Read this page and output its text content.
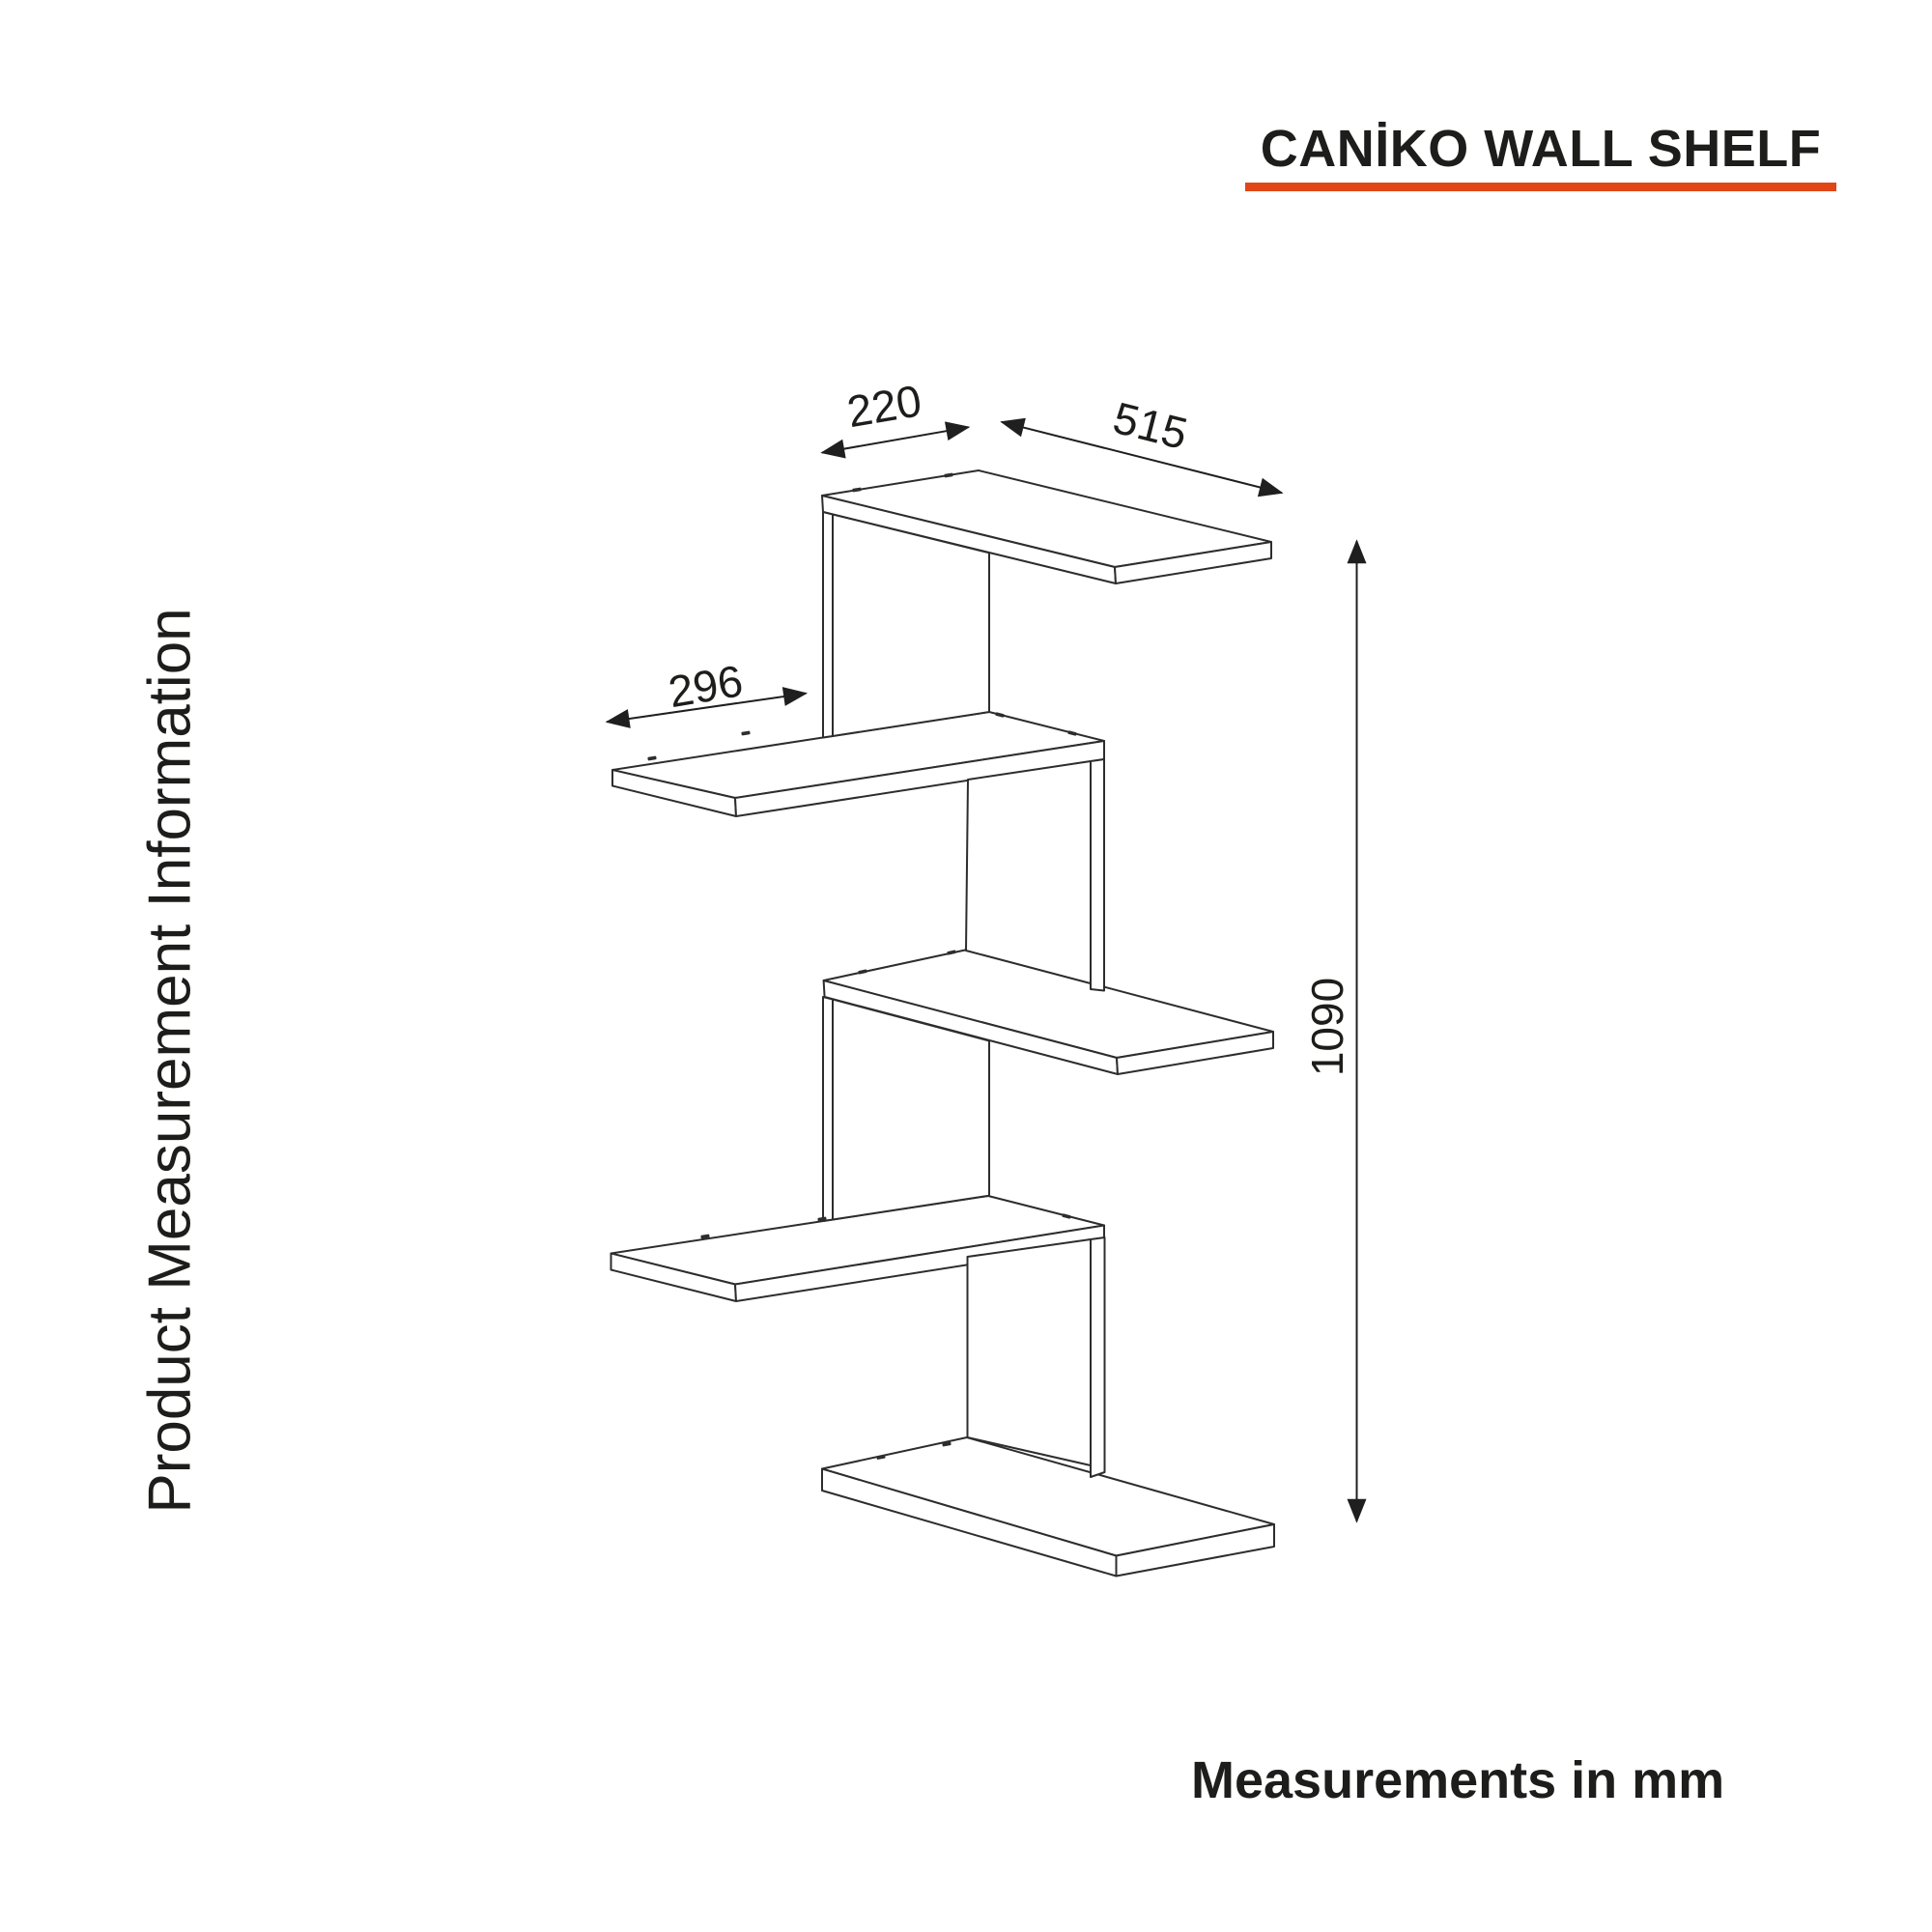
CANİKO WALL SHELF
Product Measurement Information
220	515
296
1090
Measurements in mm
